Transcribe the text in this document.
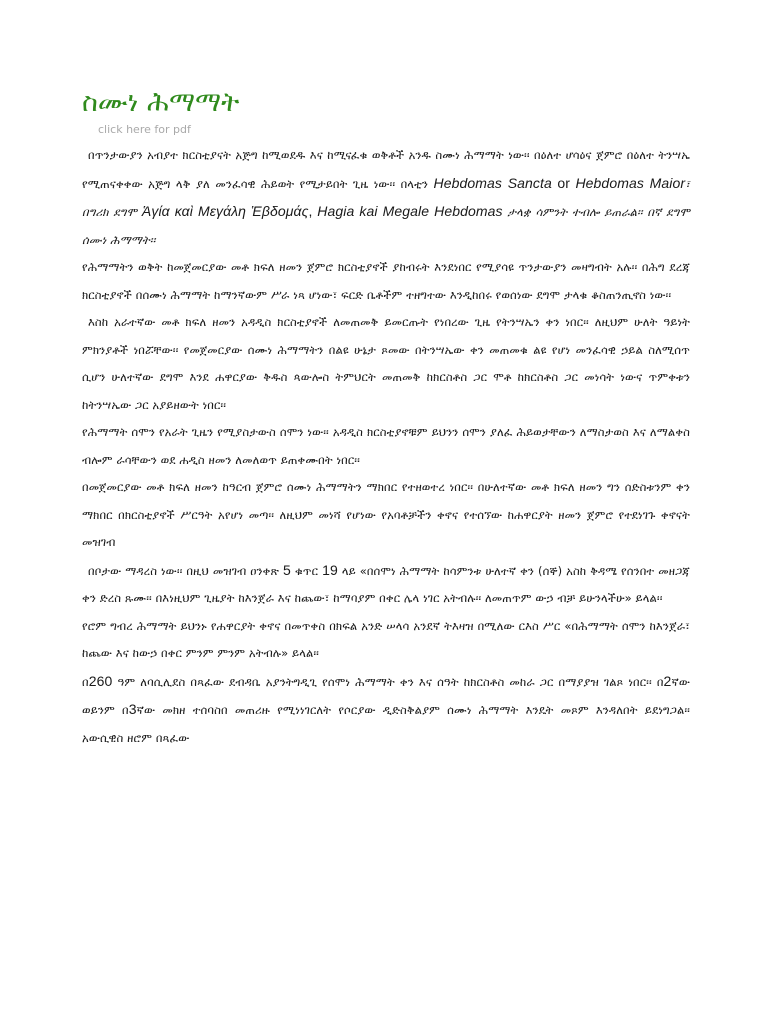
ስሙነ ሕማማት
click here for pdf

በጥንታውያን አብያተ ክርስቲያናት አጅግ ከሚወደዱ እና ከሚናፈቁ ወቅቶች አንዱ ስሙነ ሕማማት ነው፡፡ በዕለተ ሆሳዕና ጀምሮ በዕለተ ትንሣኤ የሚጠናቀቀው አጅግ ላቅ ያለ መንፈሳዊ ሕይወት የሚታይበት ጊዜ ነው፡፡ በላቲን Hebdomas Sancta or Hebdomas Maior፣ በግሪክ ደግሞ Ἁγία καὶ Μεγάλη Ἑβδομάς, Hagia kai Megale Hebdomas ታላቋ ሳምንት ተብሎ ይጠራል፡፡ በኛ ደግሞ ሰሙነ ሕማማት፡፡

የሕማማትን ወቅት ከመጀመርያው መቶ ክፍለ ዘመን ጀምሮ ክርስቲያኖች ያከብሩት እንደነበር የሚያሳዩ ጥንታውያን መዛግብት አሉ፡፡ በሕግ ደረጃ ክርስቲያኖች በሰሙነ ሕማማት ከማንኛውም ሥራ ነጻ ሆነው፣ ፍርድ ቤቶችም ተዘግተው እንዲከበሩ የወሰነው ደግሞ ታላቁ ቆስጠንጢኖስ ነው፡፡

እስከ አራተኛው መቶ ክፍለ ዘመን አዳዲስ ክርስቲያኖች ለመጠመቅ ይመርጡት የነበረው ጊዜ የትንሣኤን ቀን ነበር፡፡ ለዚህም ሁለት ዓይነት ምክንያቶች ነበሯቸው፡፡ የመጀመርያው ሰሙነ ሕማማትን በልዩ ሁኔታ ጾመው በትንሣኤው ቀን መጠመቁ ልዩ የሆነ መንፈሳዊ ኃይል ስለሚሰጥ ሲሆን ሁለተኛው ደግሞ እንደ ሐዋርያው ቅዱስ ጳውሎስ ትምህርት መጠመቅ ከክርስቶስ ጋር ሞቶ ከክርስቶስ ጋር መነሳት ነውና ጥምቀቱን ከትንሣኤው ጋር አያይዘውት ነበር፡፡

የሕማማት ሰሞን የአራት ጊዜን የሚያስታውስ ሰሞን ነው፡፡ አዳዲስ ክርስቲያኖቹም ይህንን ሰሞን ያለፈ ሕይወታቸውን ለማስታወስ እና ለማልቀስ ብሎም ራሳቸውን ወደ ሐዲስ ዘመን ለመለወጥ ይጠቀሙበት ነበር፡፡

በመጀመርያው መቶ ክፍለ ዘመን ከዓርብ ጀምሮ ሰሙነ ሕማማትን ማክበር የተዘወተረ ነበር፡፡ በሁለተኛው መቶ ክፍለ ዘመን ግን ሰድስቱንም ቀን ማክበር በክርስቲያኖች ሥርዓት አየሆነ መጣ፡፡ ለዚህም መነሻ የሆነው የአባቶቻችን ቀኖና የተሰኘው ከሐዋርያት ዘመን ጀምሮ የተደነገጉ ቀኖናት መዝገብ

በቦታው ማዳረስ ነው፡፡ በዚህ መዝገብ ዐንቀጽ 5 ቁጥር 19 ላይ «በሰሞነ ሕማማት ከሳምንቱ ሁለተኛ ቀን (ሰኞ) አስከ ቅዳሜ የሰንበተ መዘጋጃ ቀን ድረስ ጹሙ፡፡ በእነዚህም ጊዜያት ከእንጀራ እና ከጨው፣ ከማባያም በቀር ሌላ ነገር አትብሉ፡፡ ለመጠጥም ውኃ ብቻ ይሁንላችሁ» ይላል፡፡

የሮም ግብረ ሕማማት ይህንኑ የሐዋርያት ቀኖና በመጥቀስ በክፍል አንድ ሠላሳ አንደኛ ትእዛዝ በሚለው ርእስ ሥር «በሕማማት ሰሞን ከእንጀራ፣ ከጨው እና ከውኃ በቀር ምንም ምንም አትብሉ» ይላል፡፡

በ260 ዓም ለባሲሊደስ በጻፈው ደብዳቤ አያንትግዲጊ የሰሞነ ሕማማት ቀን እና ሰዓት ከክርስቶስ መከራ ጋር በማያያዝ ገልጾ ነበር፡፡ በ2ኛው ወይንም በ3ኛው መክዘ ተሰባስበ መጠሪዙ የሚነነገርለት የሶርያው ዲድስቅልያም ሰሙነ ሕማማት እንዴት መጾም እንዳለበት ይደነግጋል፡፡ አውሲዊስ ዘሮም በጻፈው
